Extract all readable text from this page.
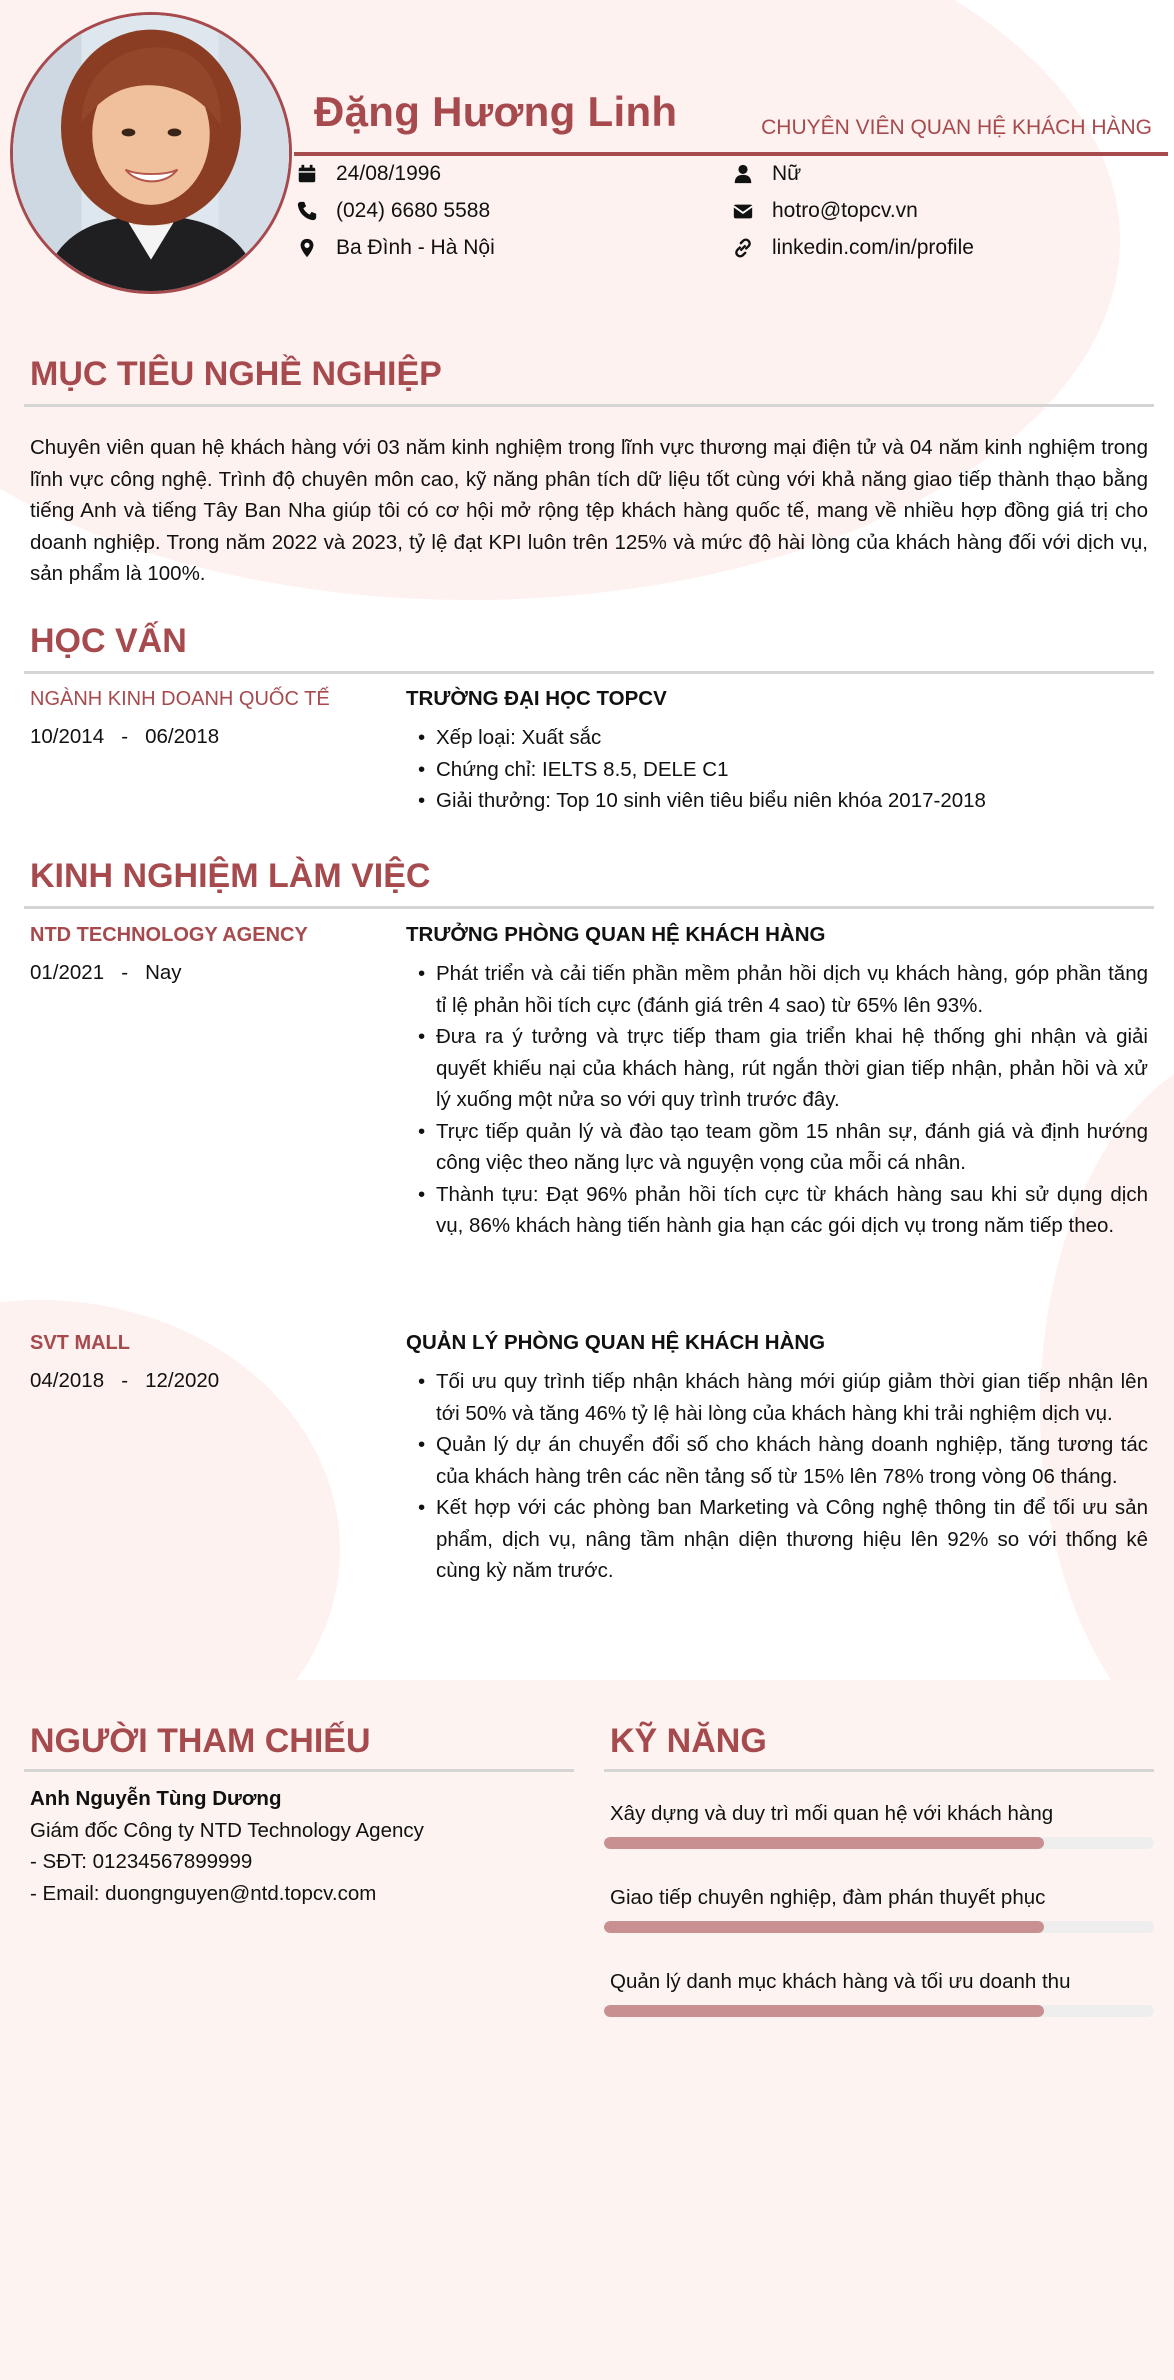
Đặng Hương Linh	CHUYÊN VIÊN QUAN HỆ KHÁCH HÀNG
24/08/1996
(024) 6680 5588
Ba Đình - Hà Nội
Nữ
hotro@topcv.vn
linkedin.com/in/profile
MỤC TIÊU NGHỀ NGHIỆP
Chuyên viên quan hệ khách hàng với 03 năm kinh nghiệm trong lĩnh vực thương mại điện tử và 04 năm kinh nghiệm trong lĩnh vực công nghệ. Trình độ chuyên môn cao, kỹ năng phân tích dữ liệu tốt cùng với khả năng giao tiếp thành thạo bằng tiếng Anh và tiếng Tây Ban Nha giúp tôi có cơ hội mở rộng tệp khách hàng quốc tế, mang về nhiều hợp đồng giá trị cho doanh nghiệp. Trong năm 2022 và 2023, tỷ lệ đạt KPI luôn trên 125% và mức độ hài lòng của khách hàng đối với dịch vụ, sản phẩm là 100%.
HỌC VẤN
NGÀNH KINH DOANH QUỐC TẾ
10/2014   -   06/2018
TRƯỜNG ĐẠI HỌC TOPCV
• Xếp loại: Xuất sắc
• Chứng chỉ: IELTS 8.5, DELE C1
• Giải thưởng: Top 10 sinh viên tiêu biểu niên khóa 2017-2018
KINH NGHIỆM LÀM VIỆC
NTD TECHNOLOGY AGENCY
01/2021   -   Nay
TRƯỞNG PHÒNG QUAN HỆ KHÁCH HÀNG
• Phát triển và cải tiến phần mềm phản hồi dịch vụ khách hàng, góp phần tăng tỉ lệ phản hồi tích cực (đánh giá trên 4 sao) từ 65% lên 93%.
• Đưa ra ý tưởng và trực tiếp tham gia triển khai hệ thống ghi nhận và giải quyết khiếu nại của khách hàng, rút ngắn thời gian tiếp nhận, phản hồi và xử lý xuống một nửa so với quy trình trước đây.
• Trực tiếp quản lý và đào tạo team gồm 15 nhân sự, đánh giá và định hướng công việc theo năng lực và nguyện vọng của mỗi cá nhân.
• Thành tựu: Đạt 96% phản hồi tích cực từ khách hàng sau khi sử dụng dịch vụ, 86% khách hàng tiến hành gia hạn các gói dịch vụ trong năm tiếp theo.
SVT MALL
04/2018   -   12/2020
QUẢN LÝ PHÒNG QUAN HỆ KHÁCH HÀNG
• Tối ưu quy trình tiếp nhận khách hàng mới giúp giảm thời gian tiếp nhận lên tới 50% và tăng 46% tỷ lệ hài lòng của khách hàng khi trải nghiệm dịch vụ.
• Quản lý dự án chuyển đổi số cho khách hàng doanh nghiệp, tăng tương tác của khách hàng trên các nền tảng số từ 15% lên 78% trong vòng 06 tháng.
• Kết hợp với các phòng ban Marketing và Công nghệ thông tin để tối ưu sản phẩm, dịch vụ, nâng tầm nhận diện thương hiệu lên 92% so với thống kê cùng kỳ năm trước.
NGƯỜI THAM CHIẾU
Anh Nguyễn Tùng Dương
Giám đốc Công ty NTD Technology Agency
- SĐT: 01234567899999
- Email: duongnguyen@ntd.topcv.com
KỸ NĂNG
Xây dựng và duy trì mối quan hệ với khách hàng
Giao tiếp chuyên nghiệp, đàm phán thuyết phục
Quản lý danh mục khách hàng và tối ưu doanh thu
